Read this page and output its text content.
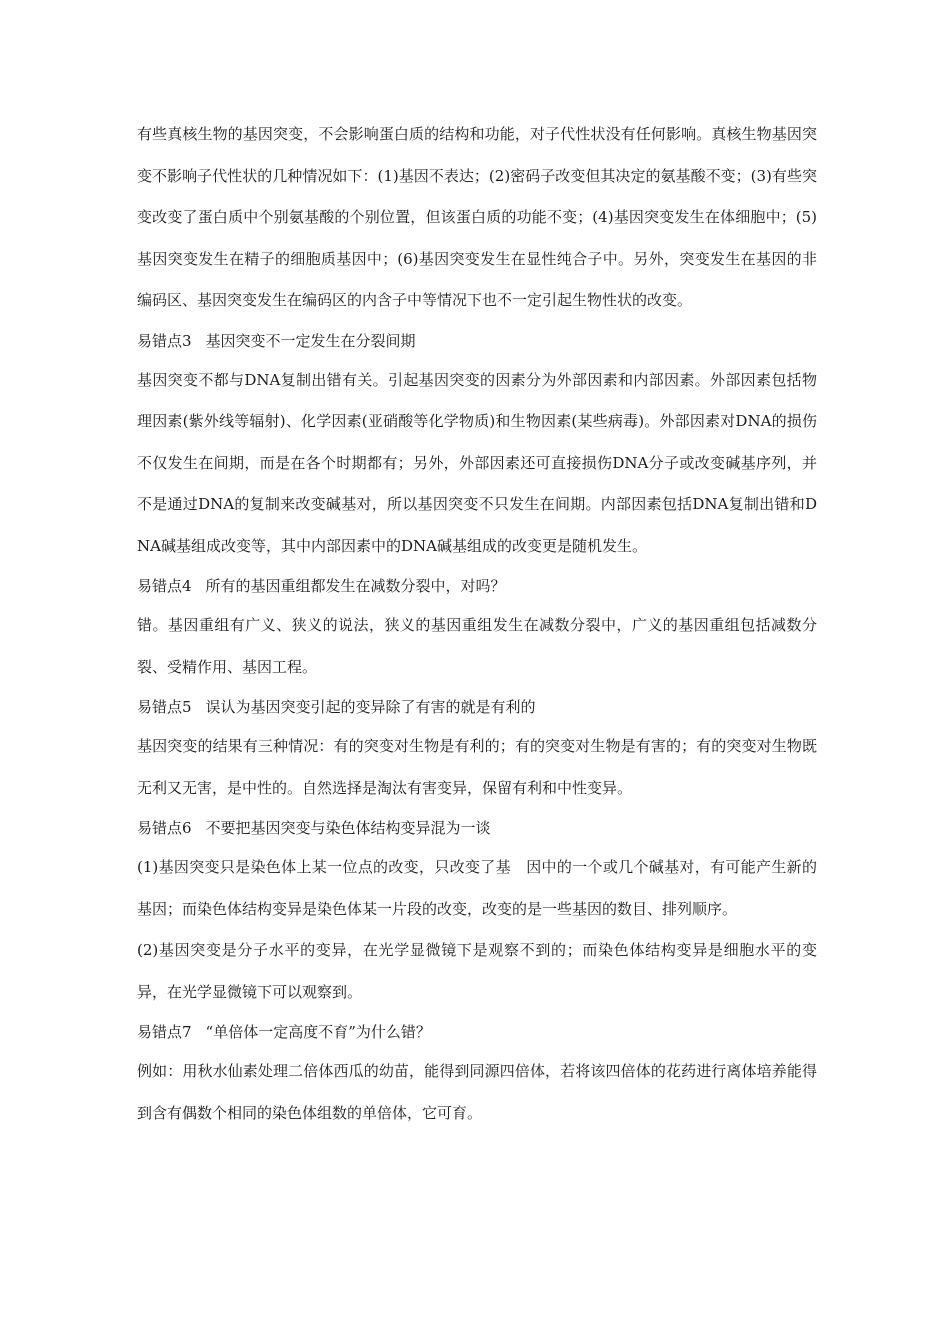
有些真核生物的基因突变，不会影响蛋白质的结构和功能，对子代性状没有任何影响。真核生物基因突变不影响子代性状的几种情况如下：(1)基因不表达；(2)密码子改变但其决定的氨基酸不变；(3)有些突变改变了蛋白质中个别氨基酸的个别位置，但该蛋白质的功能不变；(4)基因突变发生在体细胞中；(5)基因突变发生在精子的细胞质基因中；(6)基因突变发生在显性纯合子中。另外，突变发生在基因的非编码区、基因突变发生在编码区的内含子中等情况下也不一定引起生物性状的改变。

易错点3 基因突变不一定发生在分裂间期

基因突变不都与DNA复制出错有关。引起基因突变的因素分为外部因素和内部因素。外部因素包括物理因素(紫外线等辐射)、化学因素(亚硝酸等化学物质)和生物因素(某些病毒)。外部因素对DNA的损伤不仅发生在间期，而是在各个时期都有；另外，外部因素还可直接损伤DNA分子或改变碱基序列，并不是通过DNA的复制来改变碱基对，所以基因突变不只发生在间期。内部因素包括DNA复制出错和DNA碱基组成改变等，其中内部因素中的DNA碱基组成的改变更是随机发生。

易错点4 所有的基因重组都发生在减数分裂中，对吗？

错。基因重组有广义、狭义的说法，狭义的基因重组发生在减数分裂中，广义的基因重组包括减数分裂、受精作用、基因工程。

易错点5 误认为基因突变引起的变异除了有害的就是有利的

基因突变的结果有三种情况：有的突变对生物是有利的；有的突变对生物是有害的；有的突变对生物既无利又无害，是中性的。自然选择是淘汰有害变异，保留有利和中性变异。

易错点6 不要把基因突变与染色体结构变异混为一谈

(1)基因突变只是染色体上某一位点的改变，只改变了基　因中的一个或几个碱基对，有可能产生新的基因；而染色体结构变异是染色体某一片段的改变，改变的是一些基因的数目、排列顺序。

(2)基因突变是分子水平的变异，在光学显微镜下是观察不到的；而染色体结构变异是细胞水平的变异，在光学显微镜下可以观察到。

易错点7 “单倍体一定高度不育”为什么错？

例如：用秋水仙素处理二倍体西瓜的幼苗，能得到同源四倍体，若将该四倍体的花药进行离体培养能得到含有偶数个相同的染色体组数的单倍体，它可育。
